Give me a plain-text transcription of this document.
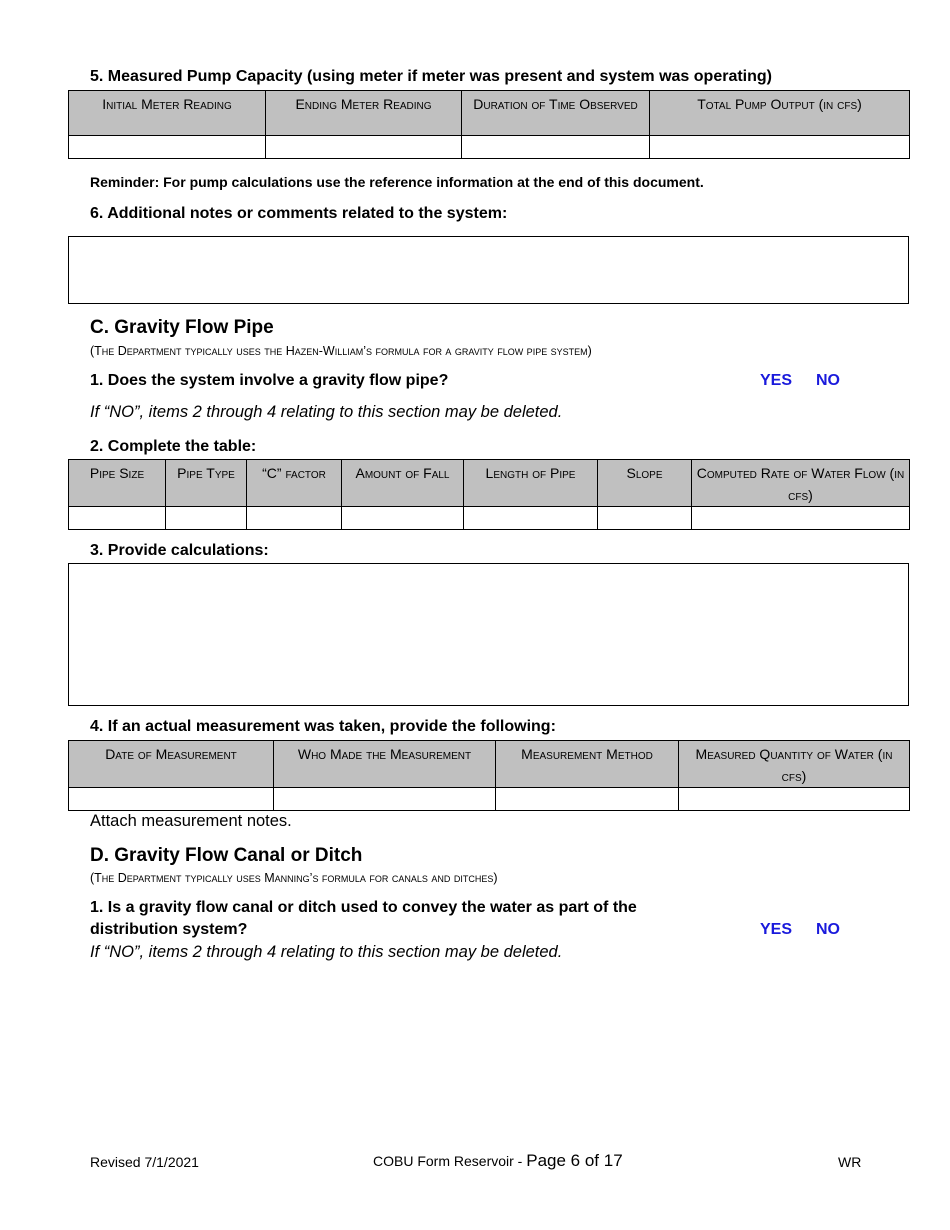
5. Measured Pump Capacity (using meter if meter was present and system was operating)
Initial Meter Reading	Ending Meter Reading	Duration of Time Observed	Total Pump Output (in cfs)

Reminder: For pump calculations use the reference information at the end of this document.
6. Additional notes or comments related to the system:
C. Gravity Flow Pipe
(The Department typically uses the Hazen-William’s formula for a gravity flow pipe system)
1. Does the system involve a gravity flow pipe?	YES NO
If “NO”, items 2 through 4 relating to this section may be deleted.
2. Complete the table:
Pipe Size	Pipe Type	“C” factor	Amount of Fall	Length of Pipe	Slope	Computed Rate of Water Flow (in cfs)

3. Provide calculations:
4. If an actual measurement was taken, provide the following:
Date of Measurement	Who Made the Measurement	Measurement Method	Measured Quantity of Water (in cfs)

Attach measurement notes.
D. Gravity Flow Canal or Ditch
(The Department typically uses Manning’s formula for canals and ditches)
1. Is a gravity flow canal or ditch used to convey the water as part of the
distribution system?	YES NO
If “NO”, items 2 through 4 relating to this section may be deleted.
Revised 7/1/2021	COBU Form Reservoir - Page 6 of 17	WR
